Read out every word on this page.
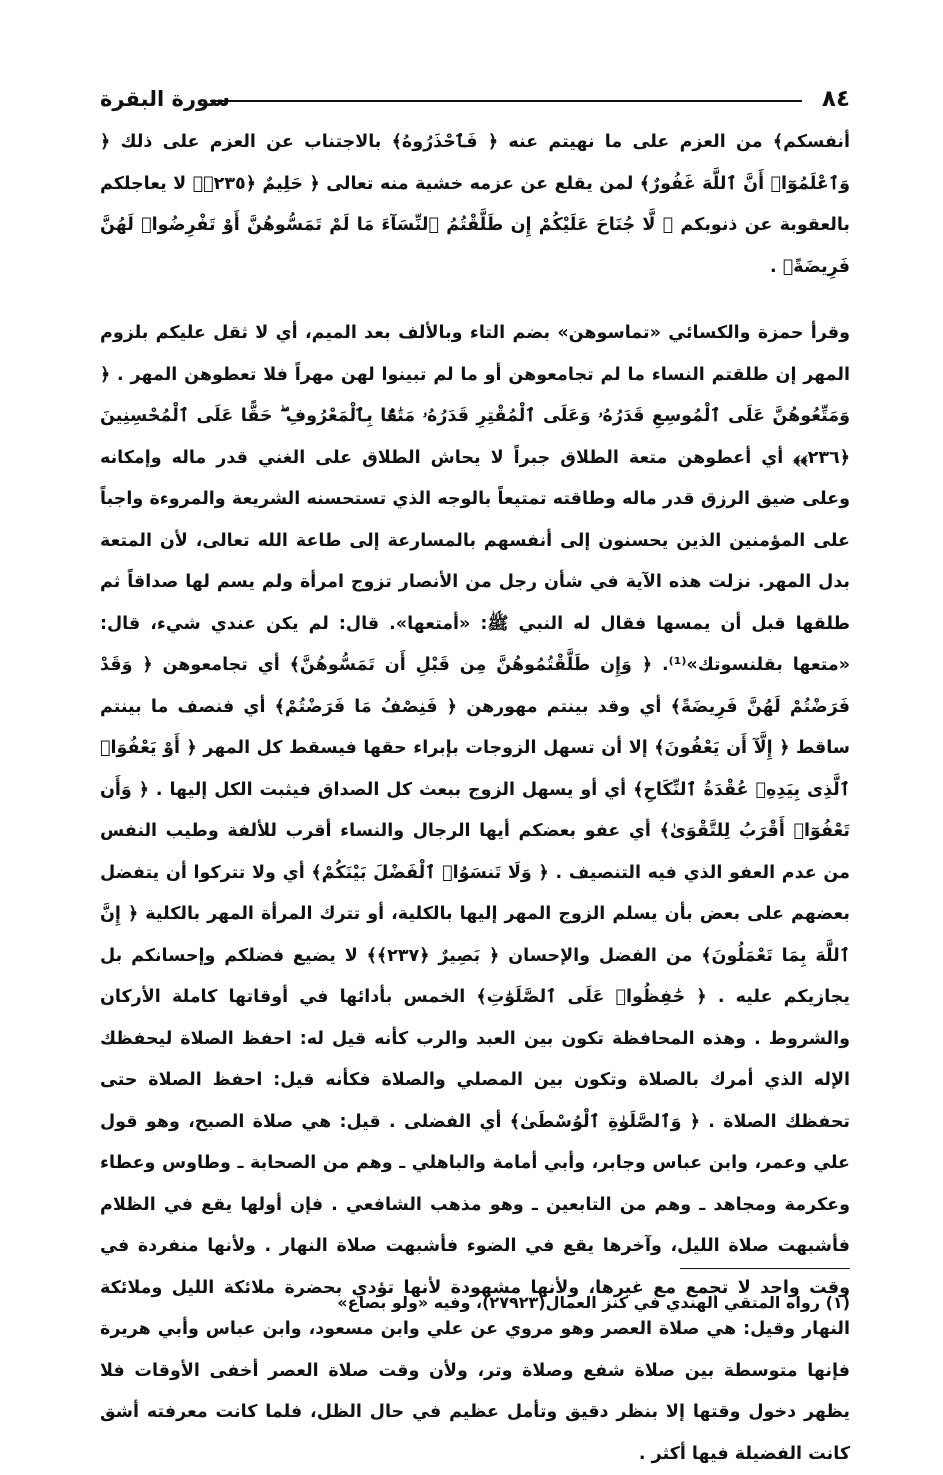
٨٤
سورة البقرة

أنفسكم﴾ من العزم على ما نهيتم عنه ﴿ فَٱحْذَرُوهُ﴾ بالاجتناب عن العزم على ذلك ﴿ وَٱعْلَمُوٓا۟ أَنَّ ٱللَّهَ غَفُورٌ﴾ لمن يقلع عن عزمه خشية منه تعالى ﴿ حَلِيمٌ ﴿٢٣٥﴾﴾ لا يعاجلكم بالعقوبة عن ذنوبكم ﴿ لَّا جُنَاحَ عَلَيْكُمْ إِن طَلَّقْتُمُ ٱلنِّسَآءَ مَا لَمْ تَمَسُّوهُنَّ أَوْ تَفْرِضُوا۟ لَهُنَّ فَرِيضَةً﴾ .

وقرأ حمزة والكسائي «تماسوهن» بضم التاء وبالألف بعد الميم، أي لا ثقل عليكم بلزوم المهر إن طلقتم النساء ما لم تجامعوهن أو ما لم تبينوا لهن مهراً فلا تعطوهن المهر . ﴿ وَمَتِّعُوهُنَّ عَلَى ٱلْمُوسِعِ قَدَرُهُۥ وَعَلَى ٱلْمُقْتِرِ قَدَرُهُۥ مَتَٰعًۢا بِٱلْمَعْرُوفِ ۖ حَقًّا عَلَى ٱلْمُحْسِنِينَ ﴿٢٣٦﴾﴾ أي أعطوهن متعة الطلاق جبراً لا يحاش الطلاق على الغني قدر ماله وإمكانه وعلى ضيق الرزق قدر ماله وطاقته تمتيعاً بالوجه الذي تستحسنه الشريعة والمروءة واجباً على المؤمنين الذين يحسنون إلى أنفسهم بالمسارعة إلى طاعة الله تعالى، لأن المتعة بدل المهر. نزلت هذه الآية في شأن رجل من الأنصار تزوج امرأة ولم يسم لها صداقاً ثم طلقها قبل أن يمسها فقال له النبي ﷺ: «أمتعها». قال: لم يكن عندي شيء، قال: «متعها بقلنسوتك»⁽¹⁾. ﴿ وَإِن طَلَّقْتُمُوهُنَّ مِن قَبْلِ أَن تَمَسُّوهُنَّ﴾ أي تجامعوهن ﴿ وَقَدْ فَرَضْتُمْ لَهُنَّ فَرِيضَةً﴾ أي وقد بينتم مهورهن ﴿ فَنِصْفُ مَا فَرَضْتُمْ﴾ أي فنصف ما بينتم ساقط ﴿ إِلَّآ أَن يَعْفُونَ﴾ إلا أن تسهل الزوجات بإبراء حقها فيسقط كل المهر ﴿ أَوْ يَعْفُوَا۟ ٱلَّذِى بِيَدِهِۦ عُقْدَةُ ٱلنِّكَاحِ﴾ أي أو يسهل الزوج ببعث كل الصداق فيثبت الكل إليها . ﴿ وَأَن تَعْفُوٓا۟ أَقْرَبُ لِلتَّقْوَىٰ﴾ أي عفو بعضكم أيها الرجال والنساء أقرب للألفة وطيب النفس من عدم العفو الذي فيه التنصيف . ﴿ وَلَا تَنسَوُا۟ ٱلْفَضْلَ بَيْنَكُمْ﴾ أي ولا تتركوا أن يتفضل بعضهم على بعض بأن يسلم الزوج المهر إليها بالكلية، أو تترك المرأة المهر بالكلية ﴿ إِنَّ ٱللَّهَ بِمَا تَعْمَلُونَ﴾ من الفضل والإحسان ﴿ بَصِيرٌ ﴿٢٣٧﴾﴾ لا يضيع فضلكم وإحسانكم بل يجازيكم عليه . ﴿ حَٰفِظُوا۟ عَلَى ٱلصَّلَوَٰتِ﴾ الخمس بأدائها في أوقاتها كاملة الأركان والشروط . وهذه المحافظة تكون بين العبد والرب كأنه قيل له: احفظ الصلاة ليحفظك الإله الذي أمرك بالصلاة وتكون بين المصلي والصلاة فكأنه قيل: احفظ الصلاة حتى تحفظك الصلاة . ﴿ وَٱلصَّلَوٰةِ ٱلْوُسْطَىٰ﴾ أي الفضلى . قيل: هي صلاة الصبح، وهو قول علي وعمر، وابن عباس وجابر، وأبي أمامة والباهلي ـ وهم من الصحابة ـ وطاوس وعطاء وعكرمة ومجاهد ـ وهم من التابعين ـ وهو مذهب الشافعي . فإن أولها يقع في الظلام فأشبهت صلاة الليل، وآخرها يقع في الضوء فأشبهت صلاة النهار . ولأنها منفردة في وقت واحد لا تجمع مع غيرها، ولأنها مشهودة لأنها تؤدي بحضرة ملائكة الليل وملائكة النهار وقيل: هي صلاة العصر وهو مروي عن علي وابن مسعود، وابن عباس وأبي هريرة فإنها متوسطة بين صلاة شفع وصلاة وتر، ولأن وقت صلاة العصر أخفى الأوقات فلا يظهر دخول وقتها إلا بنظر دقيق وتأمل عظيم في حال الظل، فلما كانت معرفته أشق كانت الفضيلة فيها أكثر .

(١) رواه المتقي الهندي في كنز العمال(٢٧٩٢٣)، وفيه «ولو بصاع»
